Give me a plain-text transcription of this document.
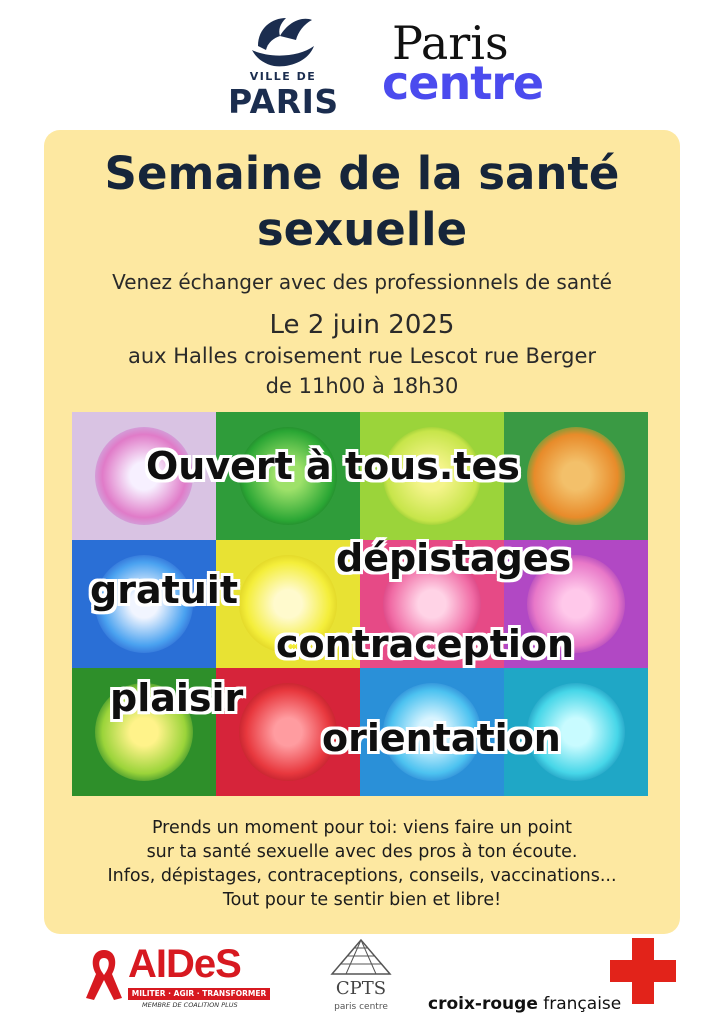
VILLE DE
PARIS
Paris
centre
Semaine de la santé
sexuelle
Venez échanger avec des professionnels de santé
Le 2 juin 2025
aux Halles croisement rue Lescot rue Berger
de 11h00 à 18h30
Ouvert à tous.tes
dépistages
gratuit
contraception
plaisir
orientation
Prends un moment pour toi: viens faire un point
sur ta santé sexuelle avec des pros à ton écoute.
Infos, dépistages, contraceptions, conseils, vaccinations...
Tout pour te sentir bien et libre!
AIDeS
MILITER · AGIR · TRANSFORMER
MEMBRE DE COALITION PLUS
CPTS
paris centre	croix-rouge française
